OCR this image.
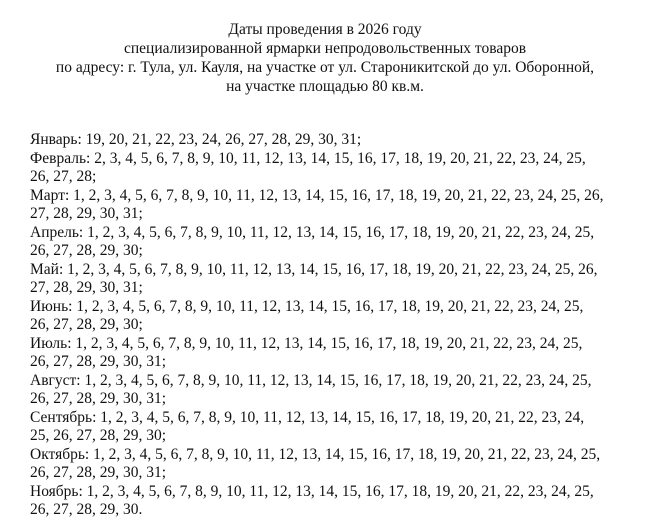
Даты проведения в 2026 году
специализированной ярмарки непродовольственных товаров
по адресу: г. Тула, ул. Кауля, на участке от ул. Староникитской до ул. Оборонной,
на участке площадью 80 кв.м.
Январь: 19, 20, 21, 22, 23, 24, 26, 27, 28, 29, 30, 31;
Февраль: 2, 3, 4, 5, 6, 7, 8, 9, 10, 11, 12, 13, 14, 15, 16, 17, 18, 19, 20, 21, 22, 23, 24, 25,
26, 27, 28;
Март: 1, 2, 3, 4, 5, 6, 7, 8, 9, 10, 11, 12, 13, 14, 15, 16, 17, 18, 19, 20, 21, 22, 23, 24, 25, 26,
27, 28, 29, 30, 31;
Апрель: 1, 2, 3, 4, 5, 6, 7, 8, 9, 10, 11, 12, 13, 14, 15, 16, 17, 18, 19, 20, 21, 22, 23, 24, 25,
26, 27, 28, 29, 30;
Май: 1, 2, 3, 4, 5, 6, 7, 8, 9, 10, 11, 12, 13, 14, 15, 16, 17, 18, 19, 20, 21, 22, 23, 24, 25, 26,
27, 28, 29, 30, 31;
Июнь: 1, 2, 3, 4, 5, 6, 7, 8, 9, 10, 11, 12, 13, 14, 15, 16, 17, 18, 19, 20, 21, 22, 23, 24, 25,
26, 27, 28, 29, 30;
Июль: 1, 2, 3, 4, 5, 6, 7, 8, 9, 10, 11, 12, 13, 14, 15, 16, 17, 18, 19, 20, 21, 22, 23, 24, 25,
26, 27, 28, 29, 30, 31;
Август: 1, 2, 3, 4, 5, 6, 7, 8, 9, 10, 11, 12, 13, 14, 15, 16, 17, 18, 19, 20, 21, 22, 23, 24, 25,
26, 27, 28, 29, 30, 31;
Сентябрь: 1, 2, 3, 4, 5, 6, 7, 8, 9, 10, 11, 12, 13, 14, 15, 16, 17, 18, 19, 20, 21, 22, 23, 24,
25, 26, 27, 28, 29, 30;
Октябрь: 1, 2, 3, 4, 5, 6, 7, 8, 9, 10, 11, 12, 13, 14, 15, 16, 17, 18, 19, 20, 21, 22, 23, 24, 25,
26, 27, 28, 29, 30, 31;
Ноябрь: 1, 2, 3, 4, 5, 6, 7, 8, 9, 10, 11, 12, 13, 14, 15, 16, 17, 18, 19, 20, 21, 22, 23, 24, 25,
26, 27, 28, 29, 30.
